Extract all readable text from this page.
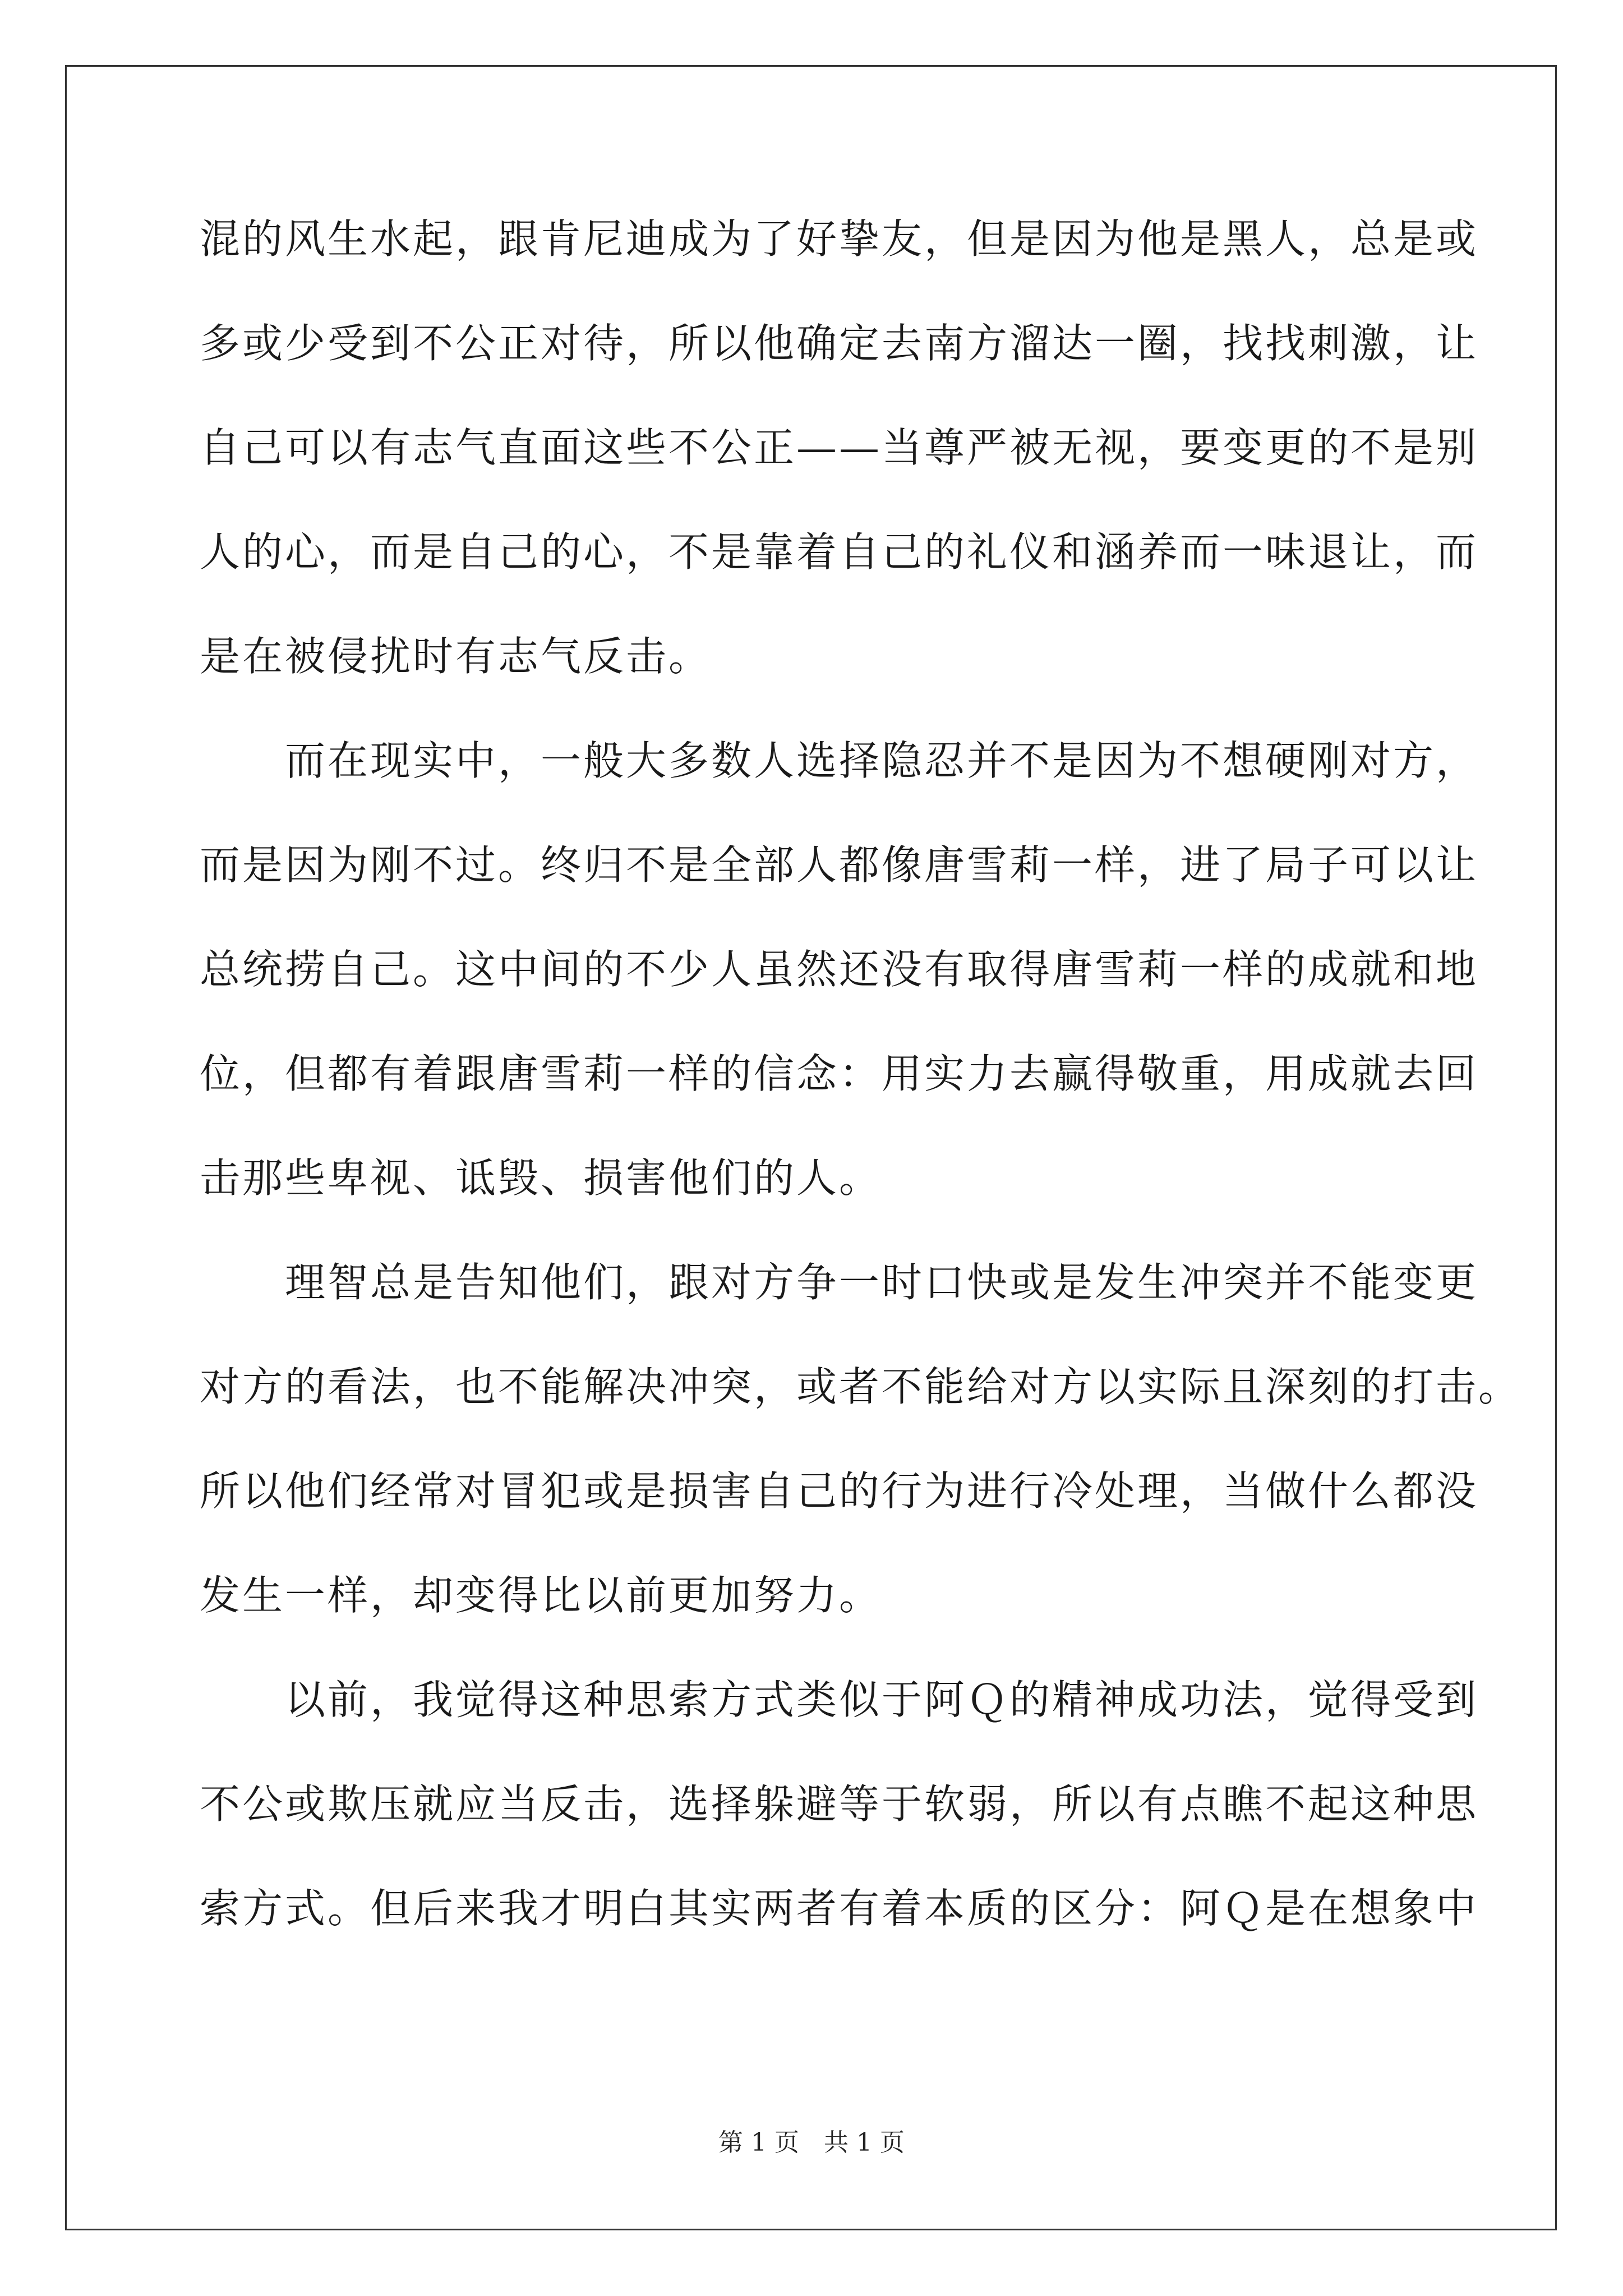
混的风生水起，跟肯尼迪成为了好挚友，但是因为他是黑人，总是或
多或少受到不公正对待，所以他确定去南方溜达一圈，找找刺激，让
自己可以有志气直面这些不公正——当尊严被无视，要变更的不是别
人的心，而是自己的心，不是靠着自己的礼仪和涵养而一味退让，而
是在被侵扰时有志气反击。
　　而在现实中，一般大多数人选择隐忍并不是因为不想硬刚对方，
而是因为刚不过。终归不是全部人都像唐雪莉一样，进了局子可以让
总统捞自己。这中间的不少人虽然还没有取得唐雪莉一样的成就和地
位，但都有着跟唐雪莉一样的信念：用实力去赢得敬重，用成就去回
击那些卑视、诋毁、损害他们的人。
　　理智总是告知他们，跟对方争一时口快或是发生冲突并不能变更
对方的看法，也不能解决冲突，或者不能给对方以实际且深刻的打击。
所以他们经常对冒犯或是损害自己的行为进行冷处理，当做什么都没
发生一样，却变得比以前更加努力。
　　以前，我觉得这种思索方式类似于阿Ｑ的精神成功法，觉得受到
不公或欺压就应当反击，选择躲避等于软弱，所以有点瞧不起这种思
索方式。但后来我才明白其实两者有着本质的区分：阿Ｑ是在想象中
第 1 页　共 1 页
